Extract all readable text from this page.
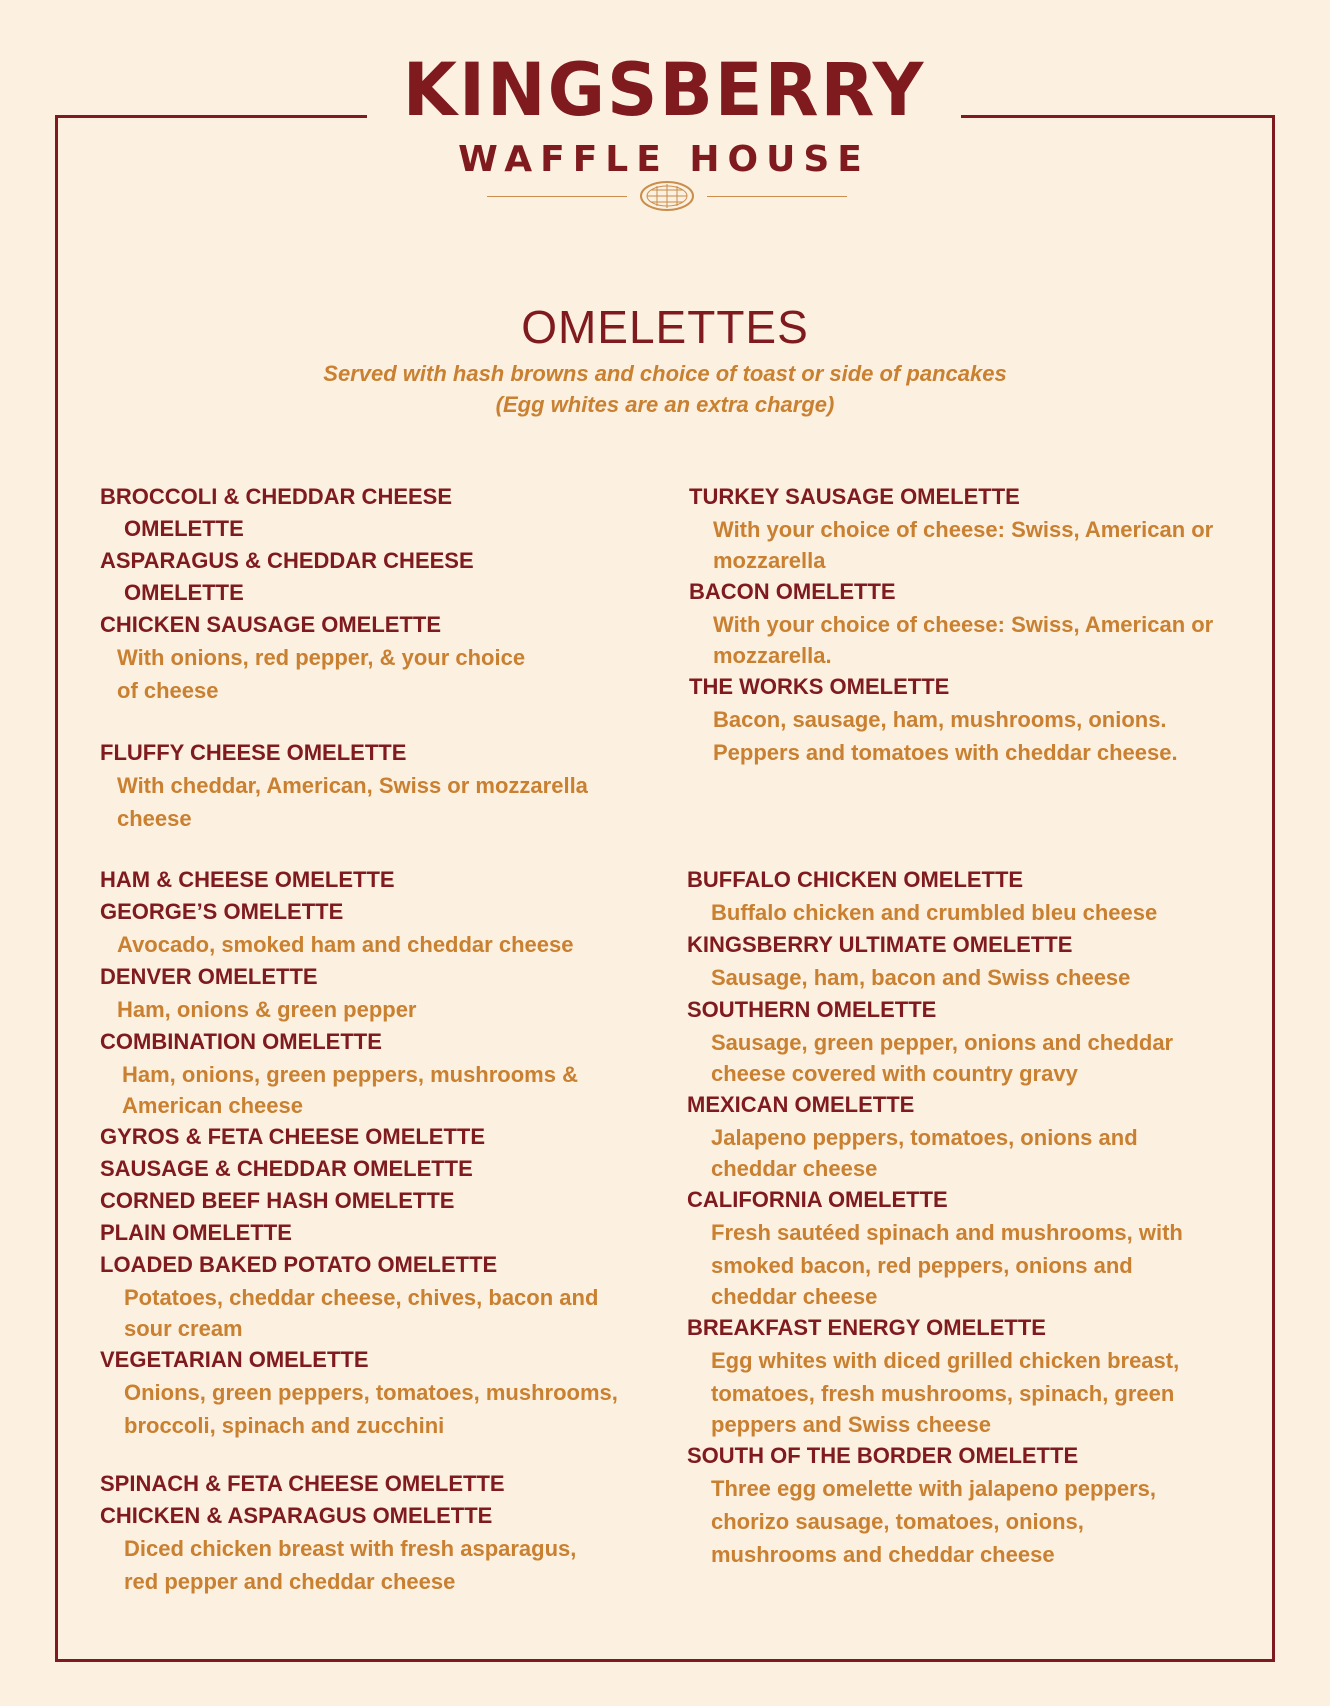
KINGSBERRY
WAFFLE HOUSE
OMELETTES
Served with hash browns and choice of toast or side of pancakes
(Egg whites are an extra charge)
BROCCOLI & CHEDDAR CHEESE
OMELETTE
ASPARAGUS & CHEDDAR CHEESE
OMELETTE
CHICKEN SAUSAGE OMELETTE
With onions, red pepper, & your choice
of cheese
FLUFFY CHEESE OMELETTE
With cheddar, American, Swiss or mozzarella
cheese
HAM & CHEESE OMELETTE
GEORGE’S OMELETTE
Avocado, smoked ham and cheddar cheese
DENVER OMELETTE
Ham, onions & green pepper
COMBINATION OMELETTE
Ham, onions, green peppers, mushrooms &
American cheese
GYROS & FETA CHEESE OMELETTE
SAUSAGE & CHEDDAR OMELETTE
CORNED BEEF HASH OMELETTE
PLAIN OMELETTE
LOADED BAKED POTATO OMELETTE
Potatoes, cheddar cheese, chives, bacon and
sour cream
VEGETARIAN OMELETTE
Onions, green peppers, tomatoes, mushrooms,
broccoli, spinach and zucchini
SPINACH & FETA CHEESE OMELETTE
CHICKEN & ASPARAGUS OMELETTE
Diced chicken breast with fresh asparagus,
red pepper and cheddar cheese
TURKEY SAUSAGE OMELETTE
With your choice of cheese: Swiss, American or
mozzarella
BACON OMELETTE
With your choice of cheese: Swiss, American or
mozzarella.
THE WORKS OMELETTE
Bacon, sausage, ham, mushrooms, onions.
Peppers and tomatoes with cheddar cheese.
BUFFALO CHICKEN OMELETTE
Buffalo chicken and crumbled bleu cheese
KINGSBERRY ULTIMATE OMELETTE
Sausage, ham, bacon and Swiss cheese
SOUTHERN OMELETTE
Sausage, green pepper, onions and cheddar
cheese covered with country gravy
MEXICAN OMELETTE
Jalapeno peppers, tomatoes, onions and
cheddar cheese
CALIFORNIA OMELETTE
Fresh sautéed spinach and mushrooms, with
smoked bacon, red peppers, onions and
cheddar cheese
BREAKFAST ENERGY OMELETTE
Egg whites with diced grilled chicken breast,
tomatoes, fresh mushrooms, spinach, green
peppers and Swiss cheese
SOUTH OF THE BORDER OMELETTE
Three egg omelette with jalapeno peppers,
chorizo sausage, tomatoes, onions,
mushrooms and cheddar cheese
